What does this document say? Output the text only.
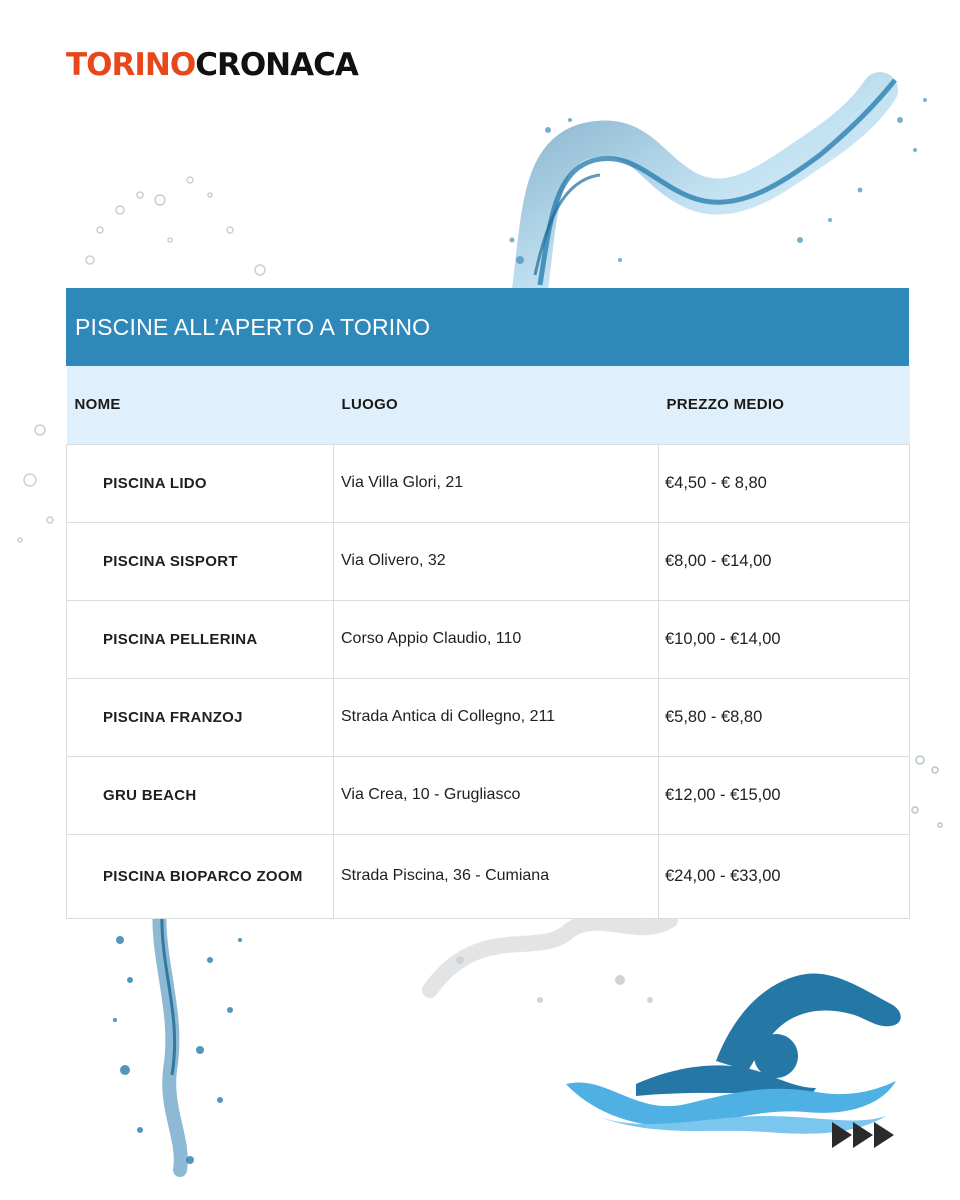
TORINOCRONACA
PISCINE ALL’APERTO A TORINO
NOME	LUOGO	PREZZO MEDIO
PISCINA LIDO	Via Villa Glori, 21	€4,50 - € 8,80
PISCINA SISPORT	Via Olivero, 32	€8,00 - €14,00
PISCINA PELLERINA	Corso Appio Claudio, 110	€10,00 - €14,00
PISCINA FRANZOJ	Strada Antica di Collegno, 211	€5,80 - €8,80
GRU BEACH	Via Crea, 10 - Grugliasco	€12,00 - €15,00
PISCINA BIOPARCO ZOOM	Strada Piscina, 36 - Cumiana	€24,00 - €33,00
